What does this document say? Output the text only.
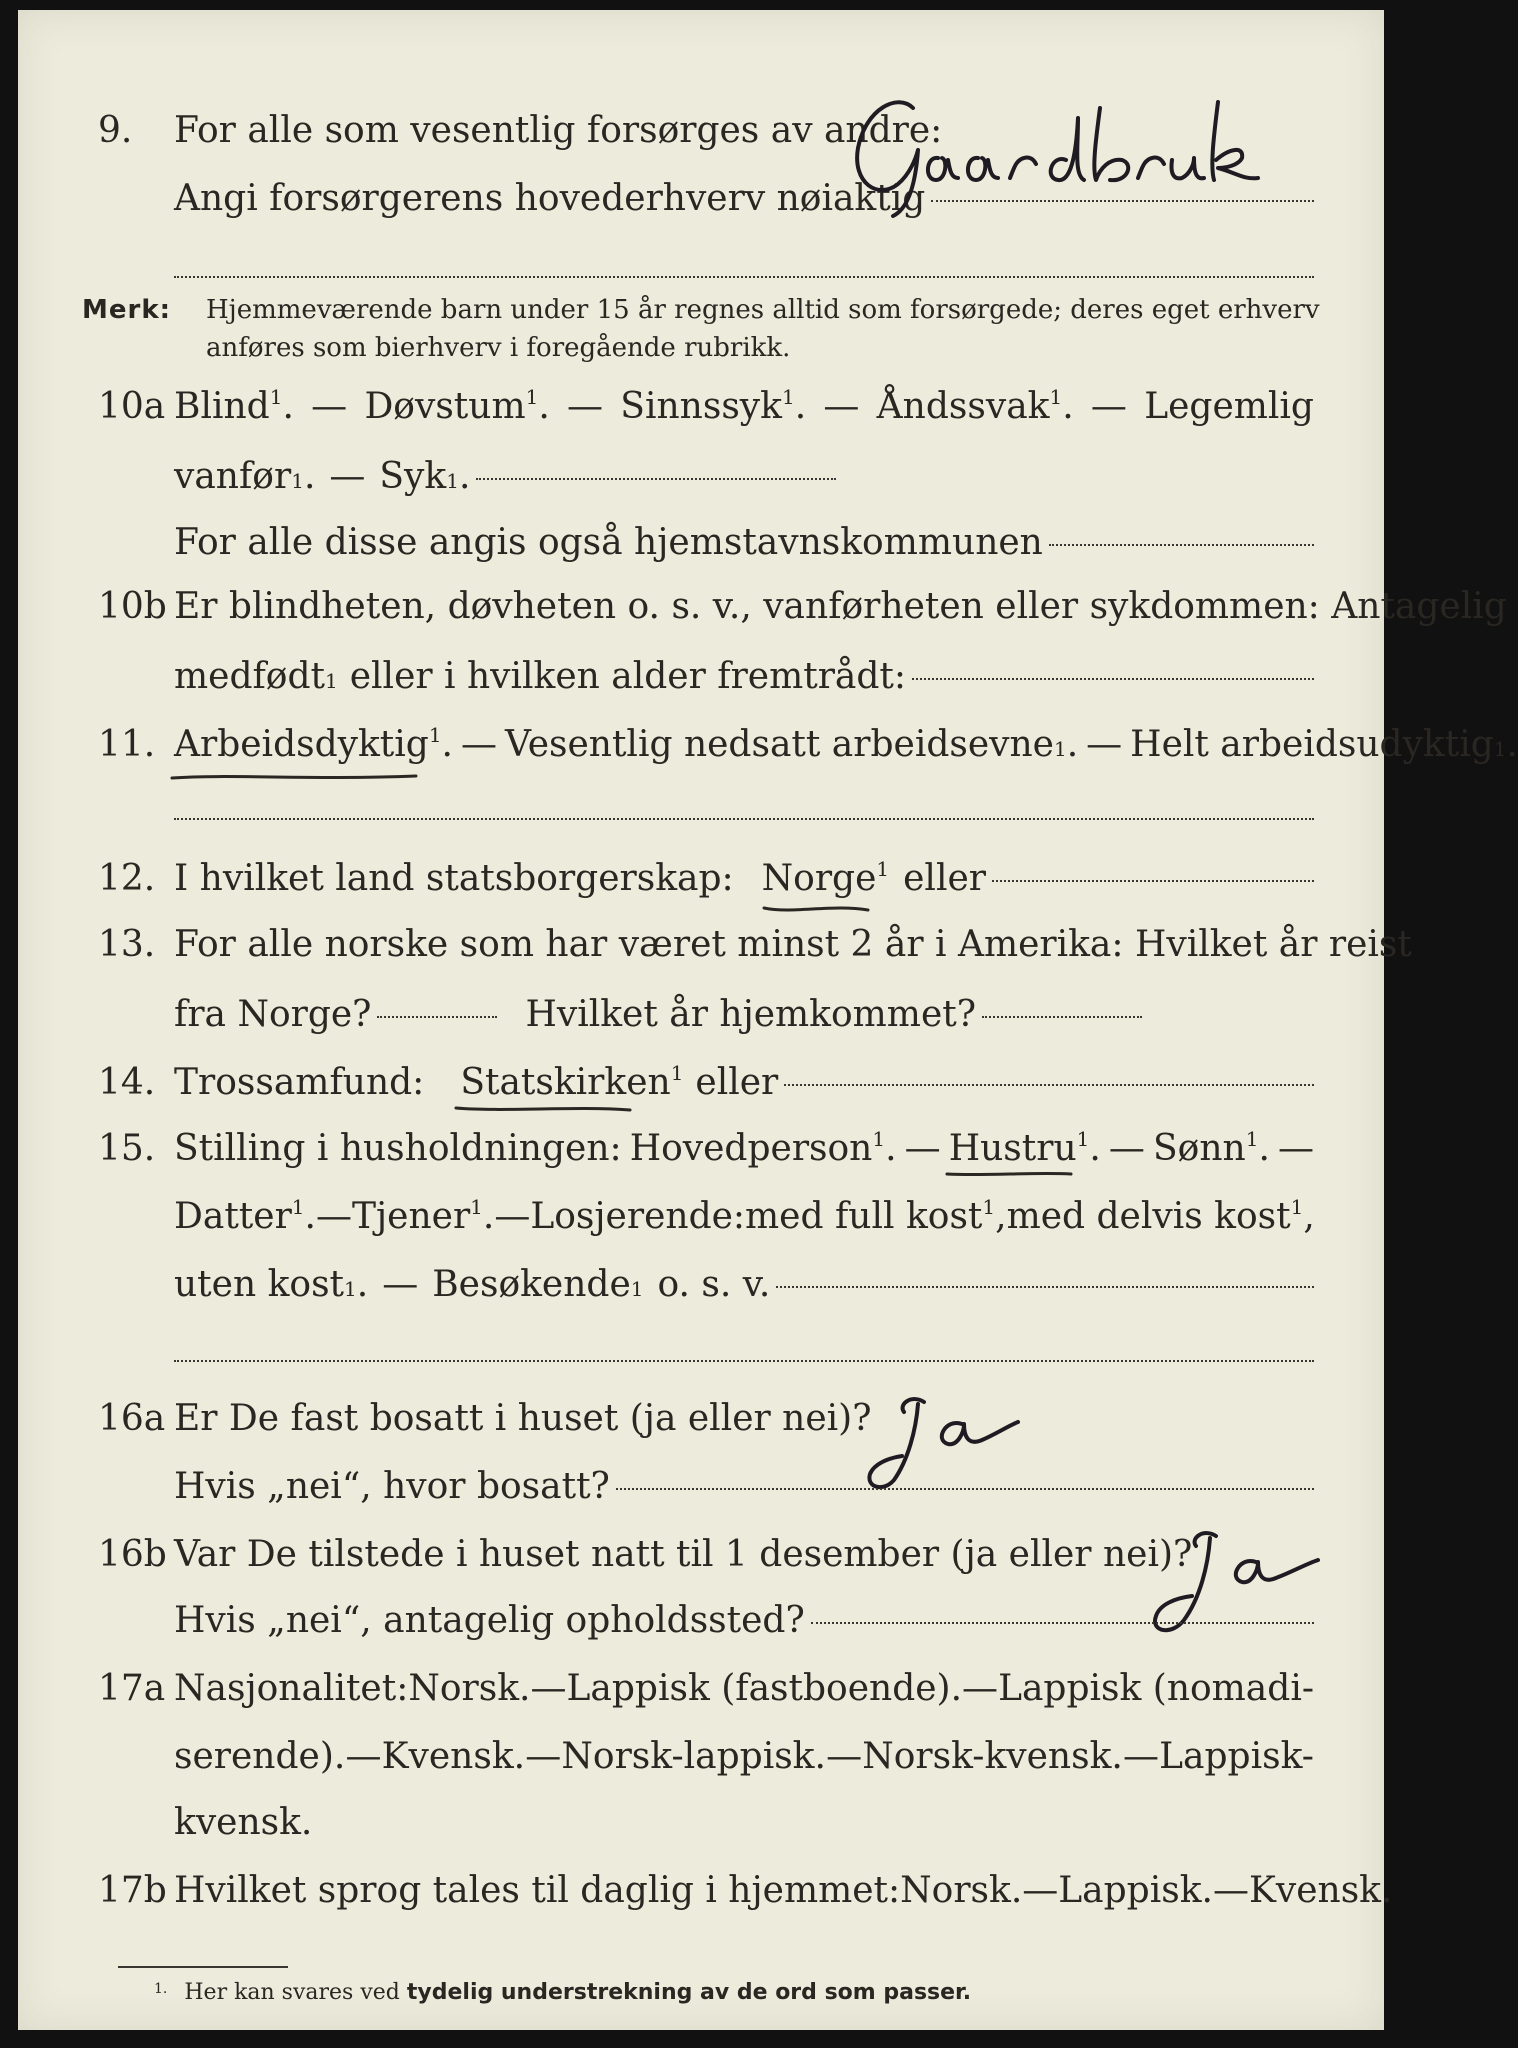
9. For alle som vesentlig forsørges av andre:
Angi forsørgerens hovederhverv nøiaktig
Merk: Hjemmeværende barn under 15 år regnes alltid som forsørgede; deres eget erhverv
anføres som bierhverv i foregående rubrikk.
10a Blind$^1$. — Døvstum$^1$. — Sinnssyk$^1$. — Åndssvak$^1$. — Legemlig
vanfør 1 . — Syk 1 .
For alle disse angis også hjemstavnskommunen
10b Er blindheten, døvheten o. s. v., vanførheten eller sykdommen: Antagelig
medfødt 1 eller i hvilken alder fremtrådt:
11. Arbeidsdyktig$^1$. — Vesentlig nedsatt arbeidsevne 1 . — Helt arbeidsudyktig 1 .
12. I hvilket land statsborgerskap: Norge$^1$ eller
13. For alle norske som har været minst 2 år i Amerika: Hvilket år reist
fra Norge?	Hvilket år hjemkommet?
14. Trossamfund: Statskirken$^1$ eller
15. Stilling i husholdningen: Hovedperson$^1$. — Hustru$^1$. — Sønn$^1$. —
Datter$^1$. — Tjener$^1$. — Losjerende: med full kost$^1$, med delvis kost$^1$,
uten kost 1 . — Besøkende 1 o. s. v.
16a Er De fast bosatt i huset (ja eller nei)?
Hvis „nei“, hvor bosatt?
16b Var De tilstede i huset natt til 1 desember (ja eller nei)?
Hvis „nei“, antagelig opholdssted?
17a Nasjonalitet: Norsk. — Lappisk (fastboende). — Lappisk (nomadi-
serende). — Kvensk. — Norsk-lappisk. — Norsk-kvensk. — Lappisk-
kvensk.
17b Hvilket sprog tales til daglig i hjemmet: Norsk. — Lappisk. — Kvensk.
$^{1.}$ Her kan svares ved tydelig understrekning av de ord som passer.
